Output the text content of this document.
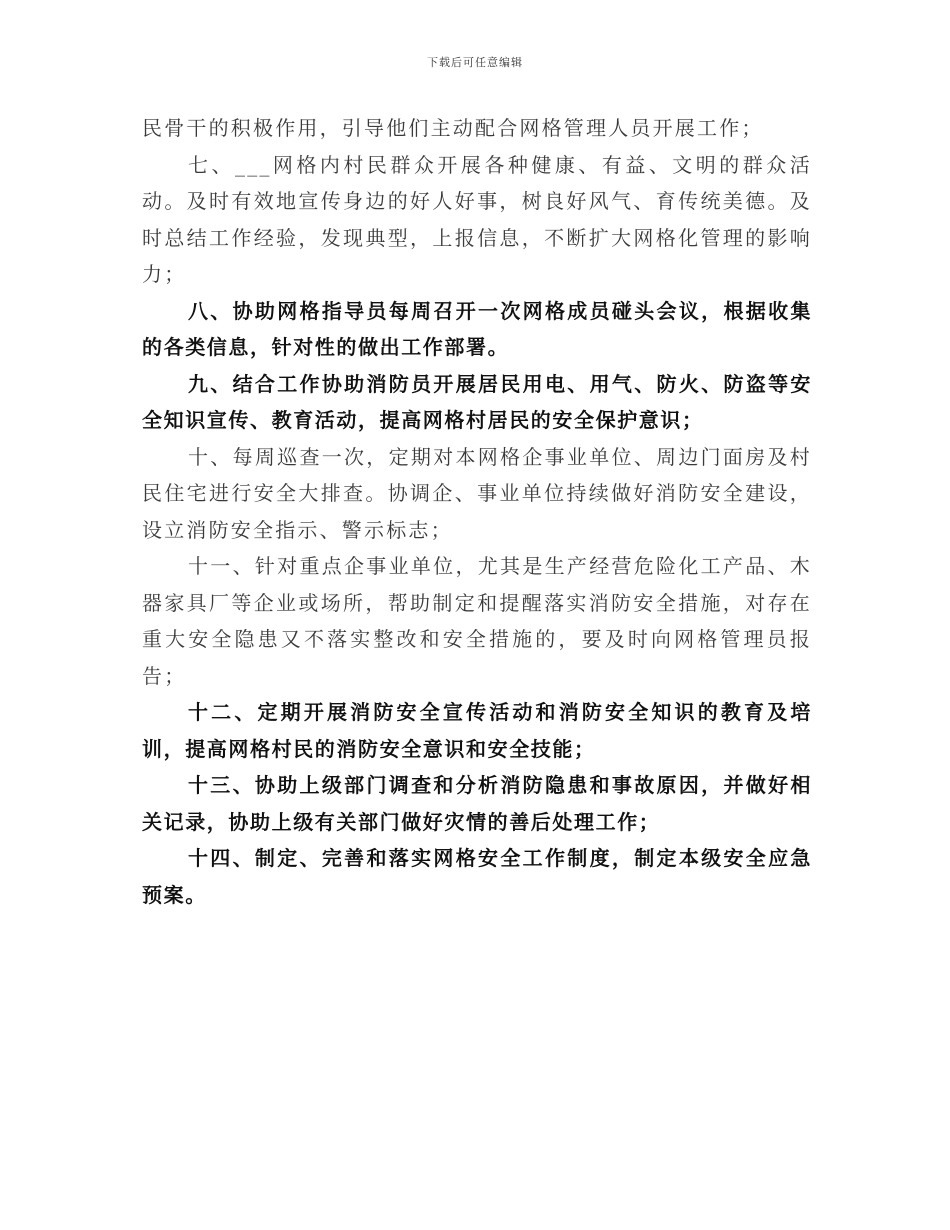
下载后可任意编辑

民骨干的积极作用，引导他们主动配合网格管理人员开展工作；

七、___网格内村民群众开展各种健康、有益、文明的群众活动。及时有效地宣传身边的好人好事，树良好风气、育传统美德。及时总结工作经验，发现典型，上报信息，不断扩大网格化管理的影响力；

八、协助网格指导员每周召开一次网格成员碰头会议，根据收集的各类信息，针对性的做出工作部署。

九、结合工作协助消防员开展居民用电、用气、防火、防盗等安全知识宣传、教育活动，提高网格村居民的安全保护意识；

十、每周巡查一次，定期对本网格企事业单位、周边门面房及村民住宅进行安全大排查。协调企、事业单位持续做好消防安全建设，设立消防安全指示、警示标志；

十一、针对重点企事业单位，尤其是生产经营危险化工产品、木器家具厂等企业或场所，帮助制定和提醒落实消防安全措施，对存在重大安全隐患又不落实整改和安全措施的，要及时向网格管理员报告；

十二、定期开展消防安全宣传活动和消防安全知识的教育及培训，提高网格村民的消防安全意识和安全技能；

十三、协助上级部门调查和分析消防隐患和事故原因，并做好相关记录，协助上级有关部门做好灾情的善后处理工作；

十四、制定、完善和落实网格安全工作制度，制定本级安全应急预案。
